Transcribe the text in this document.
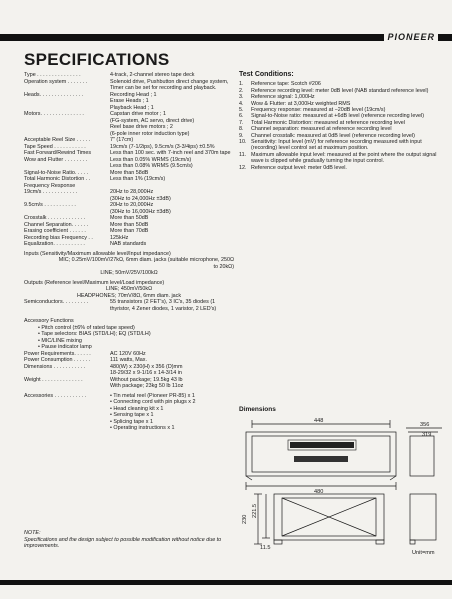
PIONEER
SPECIFICATIONS
Type . . . . . . . . . . . . . . .	4-track, 2-channel stereo tape deck
Operation system . . . . . . .	Solenoid drive, Pushbutton direct change system, Timer can be set for recording and playback.
Heads. . . . . . . . . . . . . . .	Recording Head ; 1
Erase Heads ; 1
Playback Head ; 1
Motors. . . . . . . . . . . . . . .	Capstan drive motor ; 1
(FG-system, AC servo, direct drive)
Reel base drive motors ; 2
(6-pole inner rotor induction type)
Acceptable Reel Size . . . . .	7" (17cm)
Tape Speed . . . . . . . . . . .	19cm/s (7-1/2ips), 9.5cm/s (3-3/4ips) ±0.5%
Fast Forward/Rewind Times	Less than 100 sec. with 7-inch reel and 370m tape
Wow and Flutter . . . . . . . .	Less than 0.05% WRMS (19cm/s)
Less than 0.08% WRMS (9.5cm/s)
Signal-to-Noise Ratio. . . . .	More than 58dB
Total Harmonic Distortion . .	Less than 1% (19cm/s)
Frequency Response
19cm/s . . . . . . . . . . . .	20Hz to 28,000Hz
(30Hz to 24,000Hz ±3dB)
9.5cm/s . . . . . . . . . . .	20Hz to 20,000Hz
(30Hz to 16,000Hz ±3dB)
Crosstalk . . . . . . . . . . . . .	More than 50dB
Channel Separation. . . . . .	More than 50dB
Erasing coefficient . . . . . .	More than 70dB
Recording bias Frequency . .	125kHz
Equalization. . . . . . . . . . .	NAB standards
Inputs (Sensitivity/Maximum allowable level/Input impedance)
MIC; 0.25mV/100mV/27kΩ, 6mm diam. jacks (suitable microphone, 250Ω to 20kΩ)
LINE; 50mV/25V/100kΩ
Outputs (Reference level/Maximum level/Load impedance)
LINE; 450mV/50kΩ
HEADPHONES; 70mV/8Ω, 6mm diam. jack
Semiconductors. . . . . . . . .	55 transistors (2 FET's), 3 IC's, 35 diodes (1 thyristor, 4 Zener diodes, 1 varistor, 2 LED's)
Accessory Functions
• Pitch control (±6% of rated tape speed)
• Tape selectors: BIAS (STD/LH); EQ (STD/LH)
• MIC/LINE mixing
• Pause indicator lamp
Power Requirements. . . . . .	AC 120V 60Hz
Power Consumption . . . . . .	111 watts, Max.
Dimensions . . . . . . . . . . .	480(W) x 230(H) x 356 (D)mm
18-29/32 x 9-1/16 x 14-3/14 in
Weight . . . . . . . . . . . . . .	Without package; 19.5kg 43 lb
With package; 23kg 50 lb 11oz
Accessories . . . . . . . . . . .	• Tin metal reel (Pioneer PR-85) x 1
• Connecting cord with pin plugs x 2
• Head cleaning kit x 1
• Sensing tape x 1
• Splicing tape x 1
• Operating instructions x 1
Test Conditions:
1.	Reference tape: Scotch #206
2.	Reference recording level: meter 0dB level (NAB standard reference level)
3.	Reference signal: 1,000Hz
4.	Wow & Flutter: at 3,000Hz weighted RMS
5.	Frequency response: measured at −20dB level (19cm/s)
6.	Signal-to-Noise ratio: measured at +6dB level (reference recording level)
7.	Total Harmonic Distortion: measured at reference recording level
8.	Channel separation: measured at reference recording level
9.	Channel crosstalk: measured at 0dB level (reference recording level)
10. Sensitivity: Input level (mV) for reference recording measured with input (recording) level control set at maximum position.
11. Maximum allowable input level: measured at the point where the output signal wave is clipped while gradually turning the input control.
12. Reference output level: meter 0dB level.
Dimensions
448
480
230
221.5
11.5
356
319
Unit=mm
NOTE:
Specifications and the design subject to possible modification without notice due to improvements.
